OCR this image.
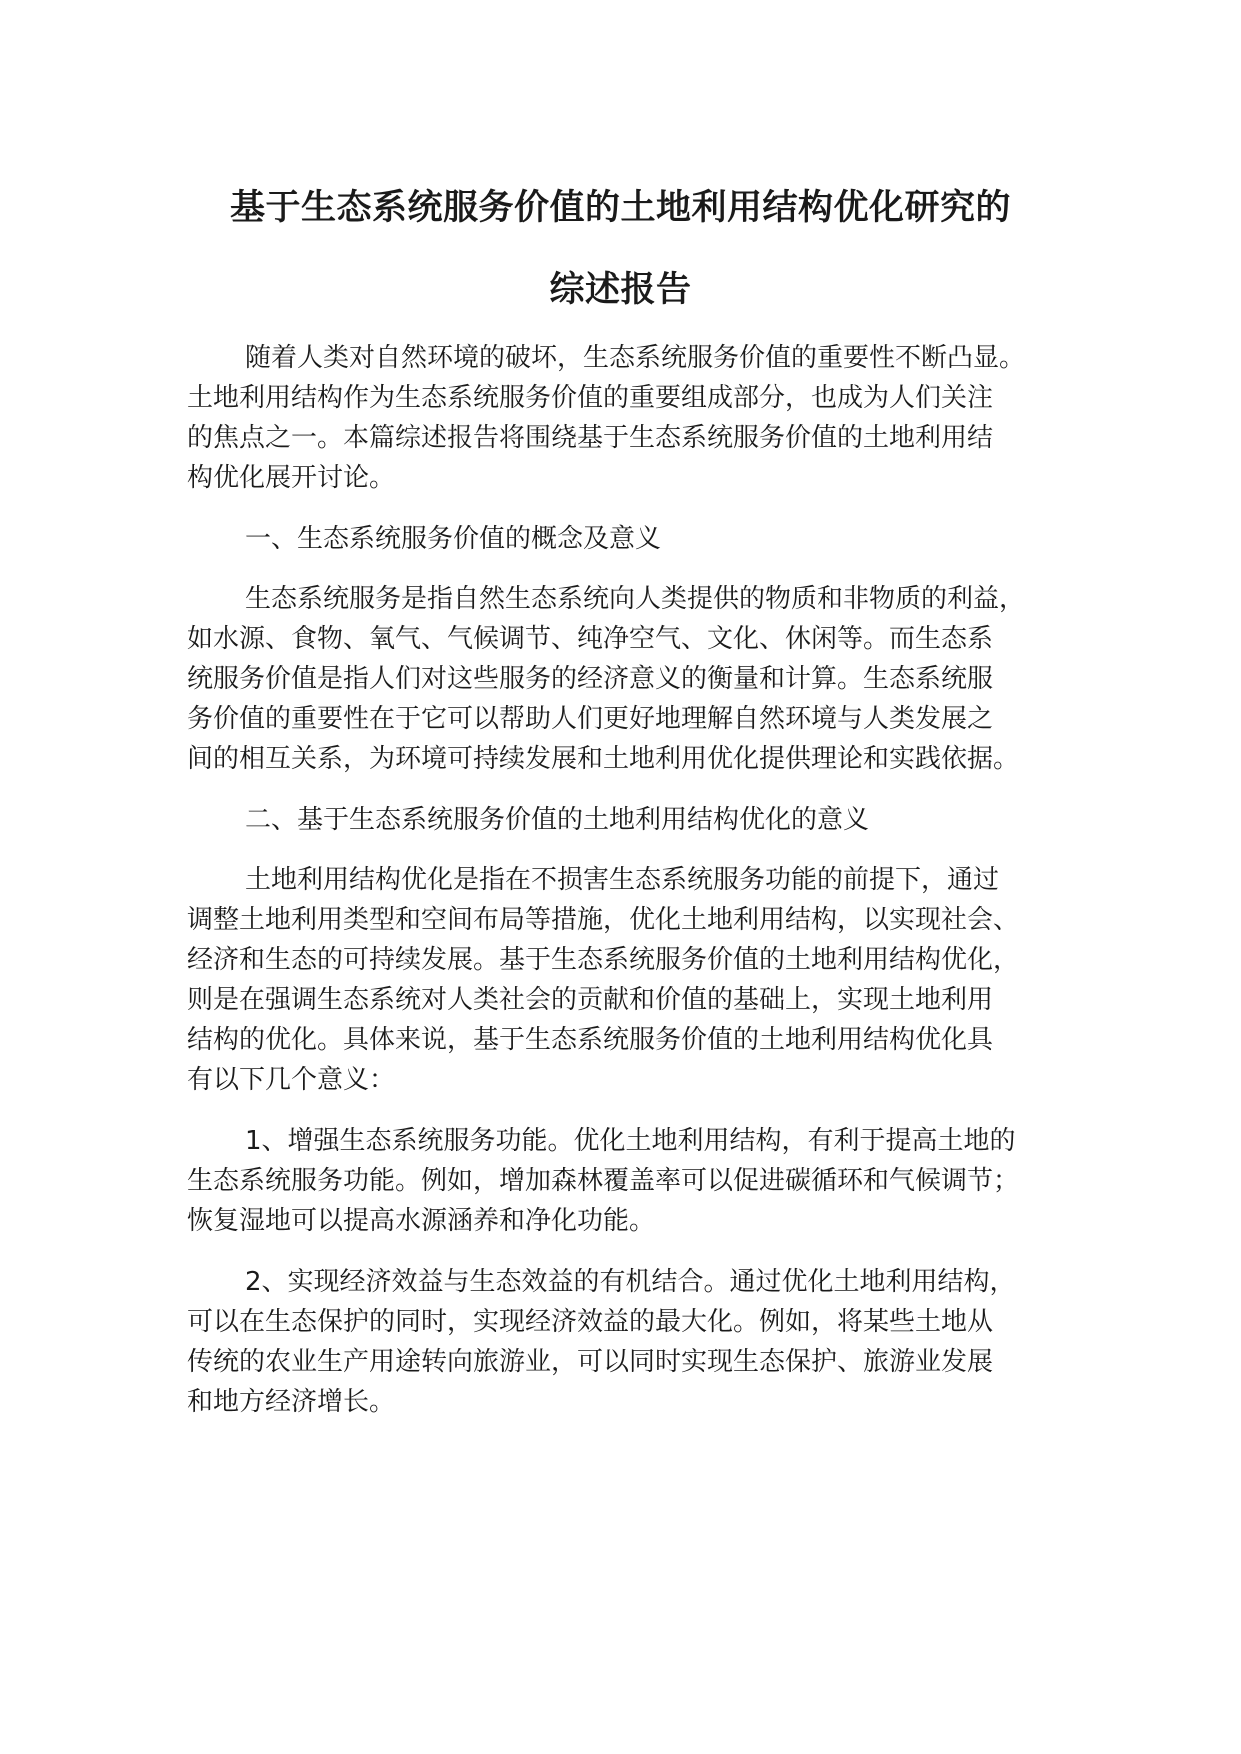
基于生态系统服务价值的土地利用结构优化研究的
综述报告
随着人类对自然环境的破坏，生态系统服务价值的重要性不断凸显。
土地利用结构作为生态系统服务价值的重要组成部分，也成为人们关注
的焦点之一。本篇综述报告将围绕基于生态系统服务价值的土地利用结
构优化展开讨论。
一、生态系统服务价值的概念及意义
生态系统服务是指自然生态系统向人类提供的物质和非物质的利益，
如水源、食物、氧气、气候调节、纯净空气、文化、休闲等。而生态系
统服务价值是指人们对这些服务的经济意义的衡量和计算。生态系统服
务价值的重要性在于它可以帮助人们更好地理解自然环境与人类发展之
间的相互关系，为环境可持续发展和土地利用优化提供理论和实践依据。
二、基于生态系统服务价值的土地利用结构优化的意义
土地利用结构优化是指在不损害生态系统服务功能的前提下，通过
调整土地利用类型和空间布局等措施，优化土地利用结构，以实现社会、
经济和生态的可持续发展。基于生态系统服务价值的土地利用结构优化，
则是在强调生态系统对人类社会的贡献和价值的基础上，实现土地利用
结构的优化。具体来说，基于生态系统服务价值的土地利用结构优化具
有以下几个意义：
1、增强生态系统服务功能。优化土地利用结构，有利于提高土地的
生态系统服务功能。例如，增加森林覆盖率可以促进碳循环和气候调节；
恢复湿地可以提高水源涵养和净化功能。
2、实现经济效益与生态效益的有机结合。通过优化土地利用结构，
可以在生态保护的同时，实现经济效益的最大化。例如，将某些土地从
传统的农业生产用途转向旅游业，可以同时实现生态保护、旅游业发展
和地方经济增长。
